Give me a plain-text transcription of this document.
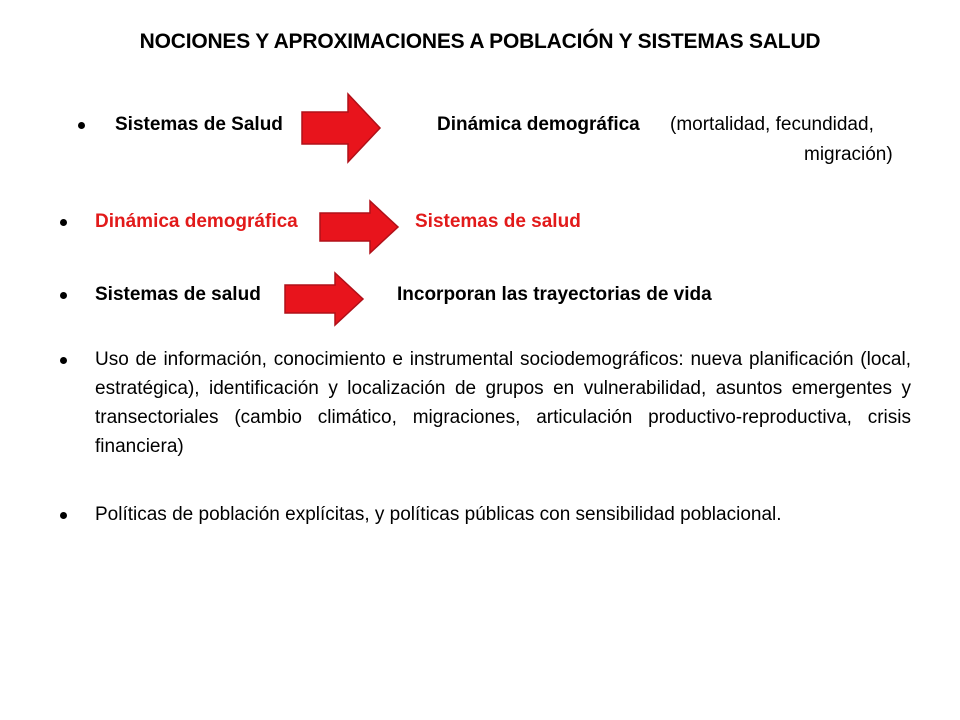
NOCIONES Y APROXIMACIONES A POBLACIÓN Y SISTEMAS SALUD
Sistemas de Salud	Dinámica demográfica (mortalidad, fecundidad,
migración)
Dinámica demográfica	Sistemas de salud
Sistemas de salud	Incorporan las trayectorias de vida
Uso de información, conocimiento e instrumental sociodemográficos: nueva planificación (local, estratégica), identificación y localización de grupos en vulnerabilidad, asuntos emergentes y transectoriales (cambio climático, migraciones, articulación productivo-reproductiva, crisis financiera)
Políticas de población explícitas, y políticas públicas con sensibilidad poblacional.
